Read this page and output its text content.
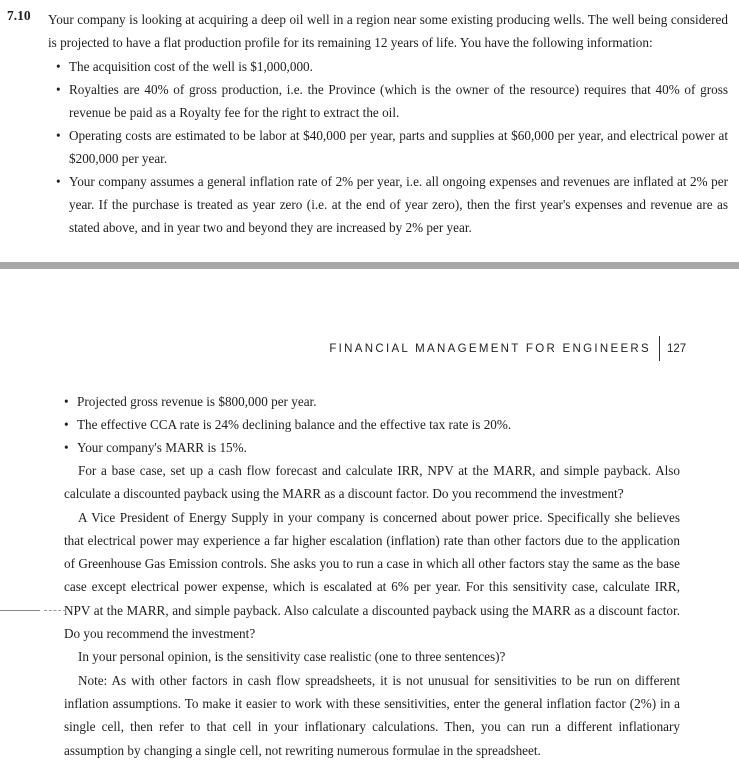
7.10 Your company is looking at acquiring a deep oil well in a region near some existing producing wells. The well being considered is projected to have a flat production profile for its remaining 12 years of life. You have the following information:

• The acquisition cost of the well is $1,000,000.
• Royalties are 40% of gross production, i.e. the Province (which is the owner of the resource) requires that 40% of gross revenue be paid as a Royalty fee for the right to extract the oil.
• Operating costs are estimated to be labor at $40,000 per year, parts and supplies at $60,000 per year, and electrical power at $200,000 per year.
• Your company assumes a general inflation rate of 2% per year, i.e. all ongoing expenses and revenues are inflated at 2% per year. If the purchase is treated as year zero (i.e. at the end of year zero), then the first year's expenses and revenue are as stated above, and in year two and beyond they are increased by 2% per year.
FINANCIAL MANAGEMENT FOR ENGINEERS 127
• Projected gross revenue is $800,000 per year.
• The effective CCA rate is 24% declining balance and the effective tax rate is 20%.
• Your company's MARR is 15%.

For a base case, set up a cash flow forecast and calculate IRR, NPV at the MARR, and simple payback. Also calculate a discounted payback using the MARR as a discount factor. Do you recommend the investment?

A Vice President of Energy Supply in your company is concerned about power price. Specifically she believes that electrical power may experience a far higher escalation (inflation) rate than other factors due to the application of Greenhouse Gas Emission controls. She asks you to run a case in which all other factors stay the same as the base case except electrical power expense, which is escalated at 6% per year. For this sensitivity case, calculate IRR, NPV at the MARR, and simple payback. Also calculate a discounted payback using the MARR as a discount factor. Do you recommend the investment?

In your personal opinion, is the sensitivity case realistic (one to three sentences)?

Note: As with other factors in cash flow spreadsheets, it is not unusual for sensitivities to be run on different inflation assumptions. To make it easier to work with these sensitivities, enter the general inflation factor (2%) in a single cell, then refer to that cell in your inflationary calculations. Then, you can run a different inflationary assumption by changing a single cell, not rewriting numerous formulae in the spreadsheet.
